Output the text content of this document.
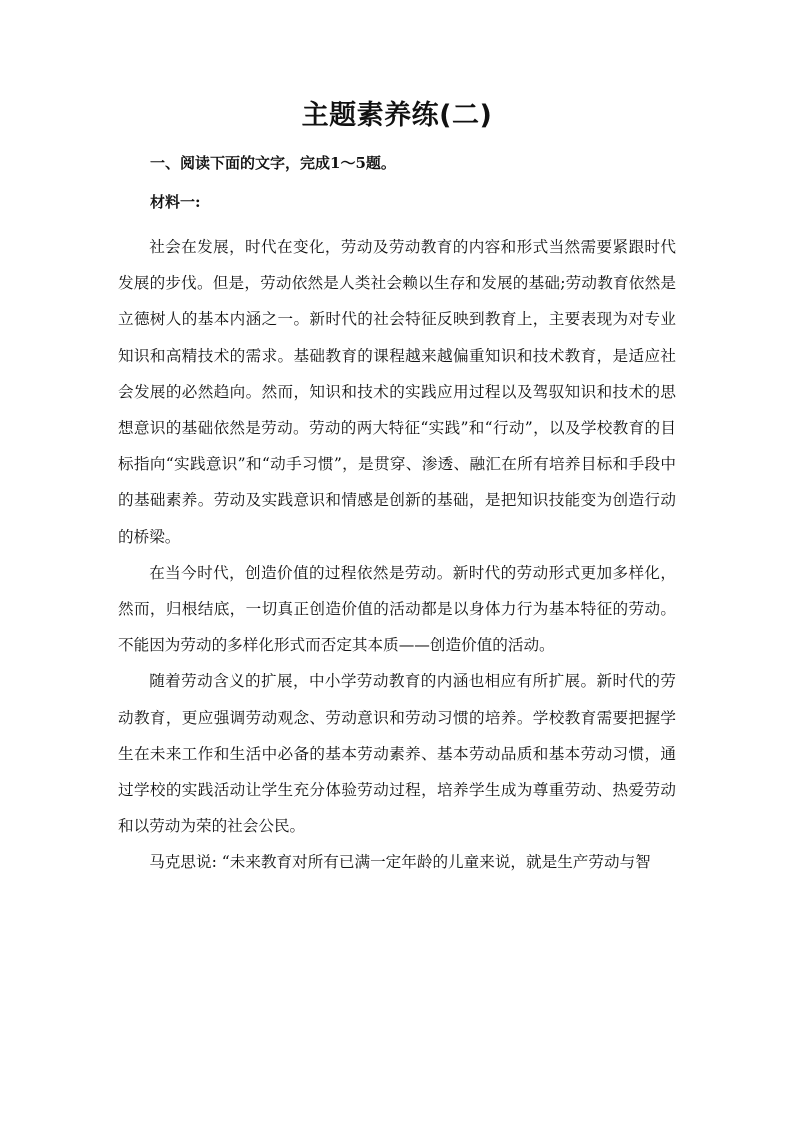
主题素养练(二)
一、阅读下面的文字，完成1～5题。
材料一:

社会在发展，时代在变化，劳动及劳动教育的内容和形式当然需要紧跟时代发展的步伐。但是，劳动依然是人类社会赖以生存和发展的基础;劳动教育依然是立德树人的基本内涵之一。新时代的社会特征反映到教育上，主要表现为对专业知识和高精技术的需求。基础教育的课程越来越偏重知识和技术教育，是适应社会发展的必然趋向。然而，知识和技术的实践应用过程以及驾驭知识和技术的思想意识的基础依然是劳动。劳动的两大特征“实践”和“行动”，以及学校教育的目标指向“实践意识”和“动手习惯”，是贯穿、渗透、融汇在所有培养目标和手段中的基础素养。劳动及实践意识和情感是创新的基础，是把知识技能变为创造行动的桥梁。

在当今时代，创造价值的过程依然是劳动。新时代的劳动形式更加多样化，然而，归根结底，一切真正创造价值的活动都是以身体力行为基本特征的劳动。不能因为劳动的多样化形式而否定其本质——创造价值的活动。

随着劳动含义的扩展，中小学劳动教育的内涵也相应有所扩展。新时代的劳动教育，更应强调劳动观念、劳动意识和劳动习惯的培养。学校教育需要把握学生在未来工作和生活中必备的基本劳动素养、基本劳动品质和基本劳动习惯，通过学校的实践活动让学生充分体验劳动过程，培养学生成为尊重劳动、热爱劳动和以劳动为荣的社会公民。

马克思说: “未来教育对所有已满一定年龄的儿童来说，就是生产劳动与智
